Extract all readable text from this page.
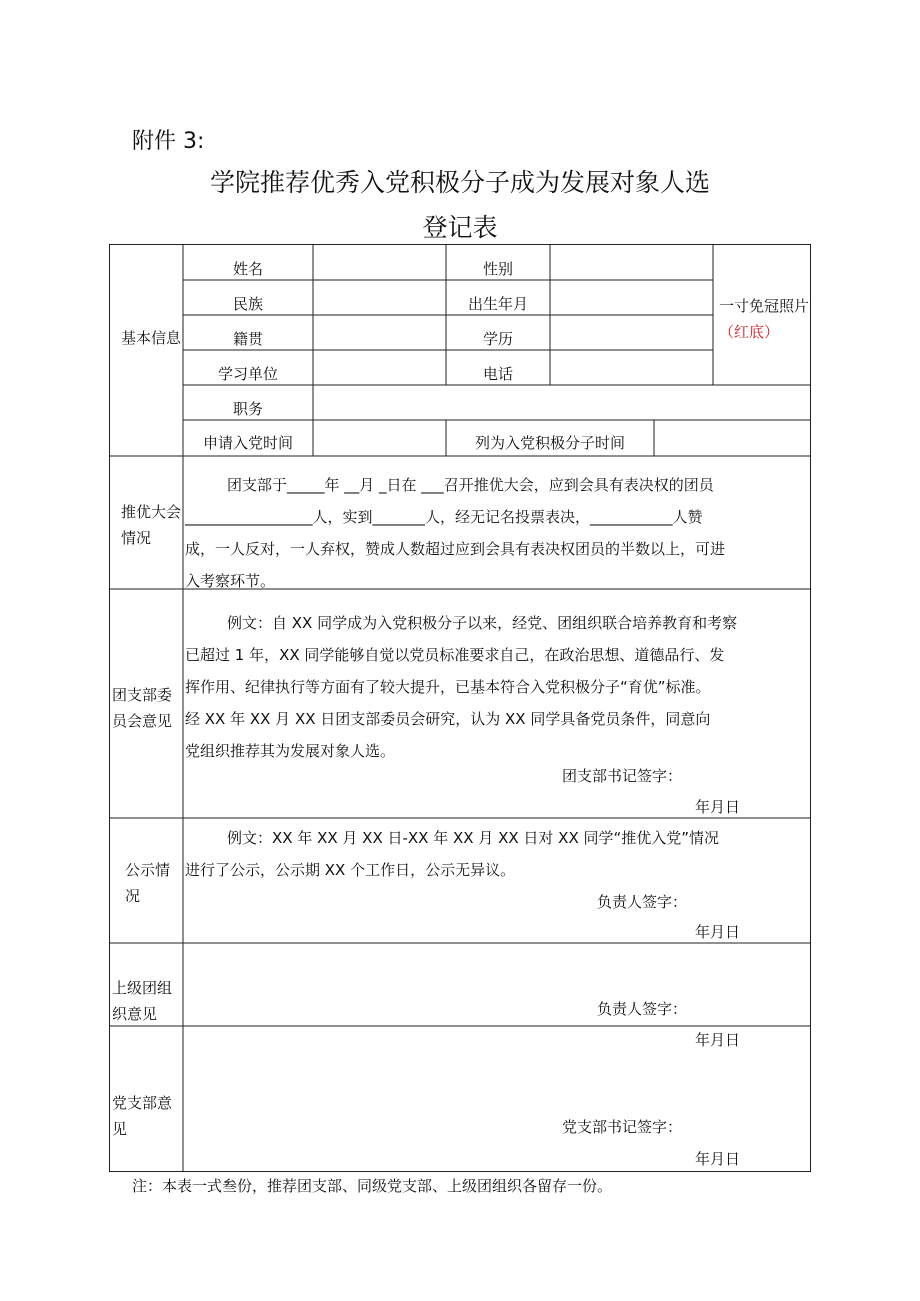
附件 3:
学院推荐优秀入党积极分子成为发展对象人选
登记表
基本信息
姓名	性别
民族	出生年月
籍贯	学历
学习单位	电话
职务
申请入党时间	列为入党积极分子时间
一寸免冠照片（红底）
推优大会情况
团支部于_____年 __月 _日在 ___召开推优大会，应到会具有表决权的团员
_________________人，实到_______人，经无记名投票表决，___________人赞
成，一人反对，一人弃权，赞成人数超过应到会具有表决权团员的半数以上，可进
入考察环节。
团支部委员会意见
例文：自 XX 同学成为入党积极分子以来，经党、团组织联合培养教育和考察
已超过 1 年，XX 同学能够自觉以党员标准要求自己，在政治思想、道德品行、发
挥作用、纪律执行等方面有了较大提升，已基本符合入党积极分子“育优”标准。
经 XX 年 XX 月 XX 日团支部委员会研究，认为 XX 同学具备党员条件，同意向
党组织推荐其为发展对象人选。
团支部书记签字：
年月日
公示情况
例文：XX 年 XX 月 XX 日-XX 年 XX 月 XX 日对 XX 同学“推优入党”情况
进行了公示，公示期 XX 个工作日，公示无异议。
负责人签字：
年月日
上级团组织意见	负责人签字：
年月日
党支部意见	党支部书记签字：
年月日
注：本表一式叁份，推荐团支部、同级党支部、上级团组织各留存一份。
